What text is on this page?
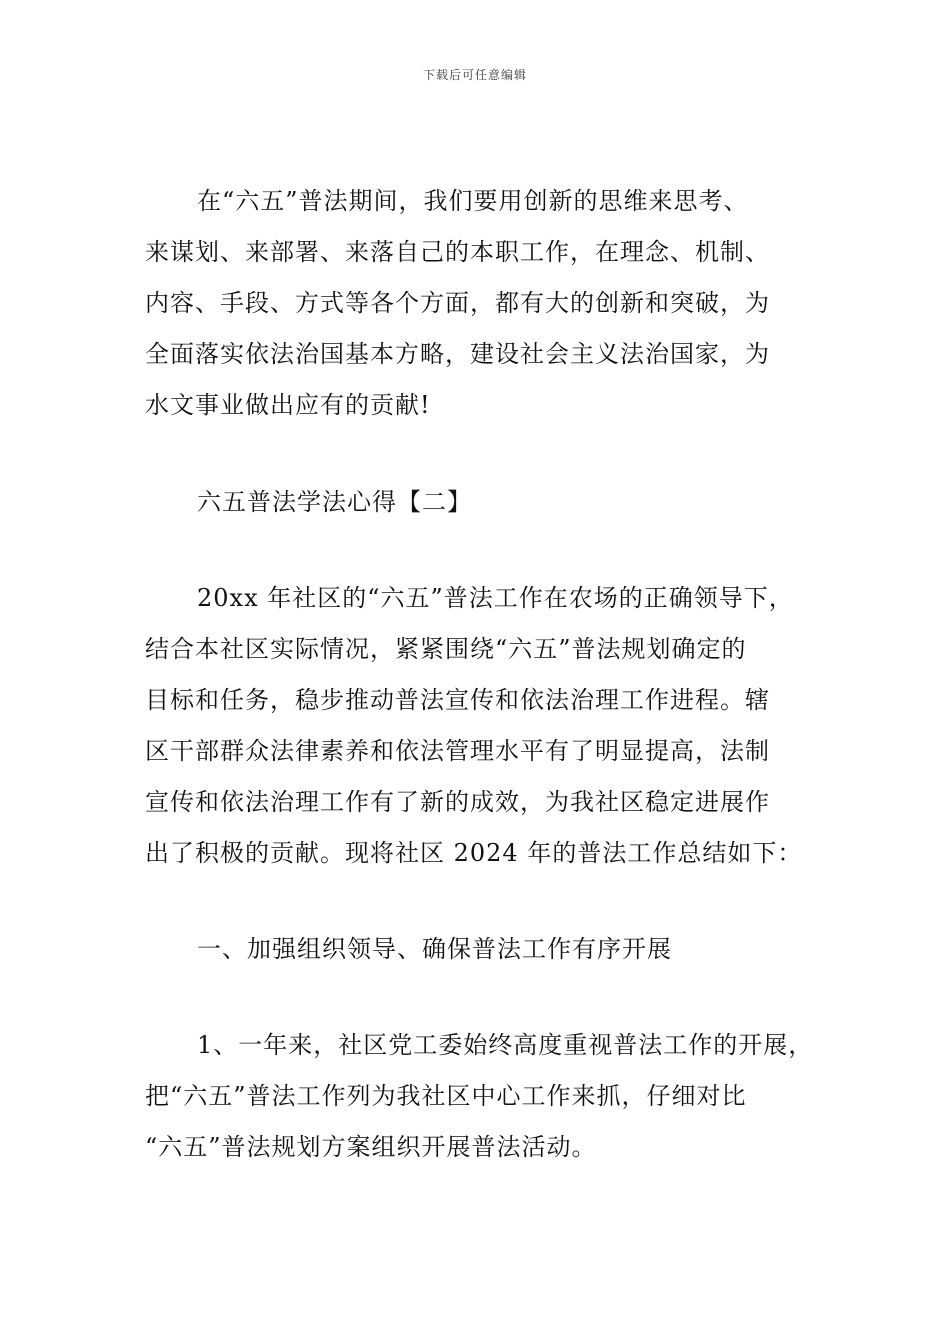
下载后可任意编辑

在“六五”普法期间，我们要用创新的思维来思考、
来谋划、来部署、来落自己的本职工作，在理念、机制、
内容、手段、方式等各个方面，都有大的创新和突破，为
全面落实依法治国基本方略，建设社会主义法治国家，为
水文事业做出应有的贡献!

六五普法学法心得【二】

20xx 年社区的“六五”普法工作在农场的正确领导下，
结合本社区实际情况，紧紧围绕“六五”普法规划确定的
目标和任务，稳步推动普法宣传和依法治理工作进程。辖
区干部群众法律素养和依法管理水平有了明显提高，法制
宣传和依法治理工作有了新的成效，为我社区稳定进展作
出了积极的贡献。现将社区 2024 年的普法工作总结如下：

一、加强组织领导、确保普法工作有序开展

1、一年来，社区党工委始终高度重视普法工作的开展，
把“六五”普法工作列为我社区中心工作来抓，仔细对比
“六五”普法规划方案组织开展普法活动。
